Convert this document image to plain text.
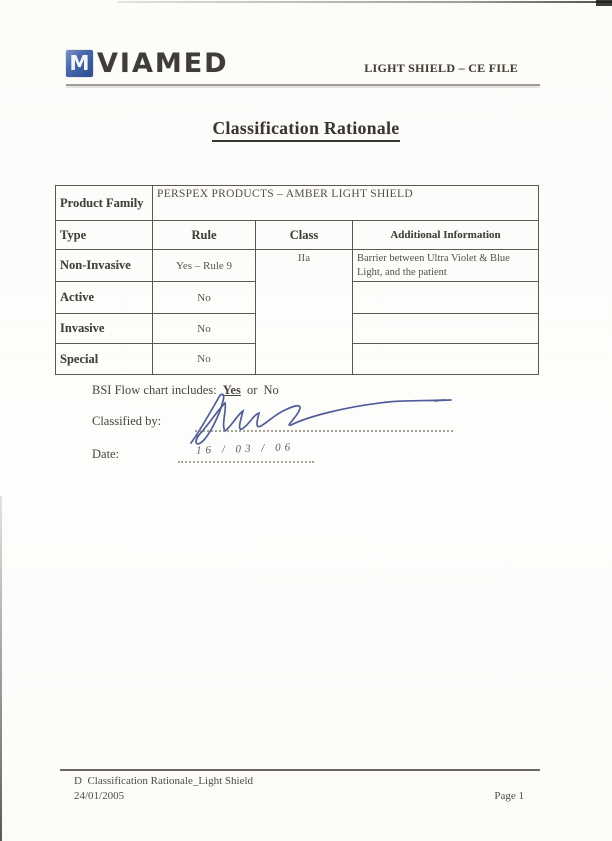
M VIAMED	LIGHT SHIELD – CE FILE
Classification Rationale
Product Family	PERSPEX PRODUCTS – AMBER LIGHT SHIELD		
Type	Rule	Class	Additional Information
Non-Invasive	Yes – Rule 9	IIa	Barrier between Ultra Violet & Blue Light, and the patient
Active	No		
Invasive	No		
Special	No		
BSI Flow chart includes: Yes or No
Classified by:
Date:	16 / 03 / 06
D  Classification Rationale_Light Shield
24/01/2005	Page 1
